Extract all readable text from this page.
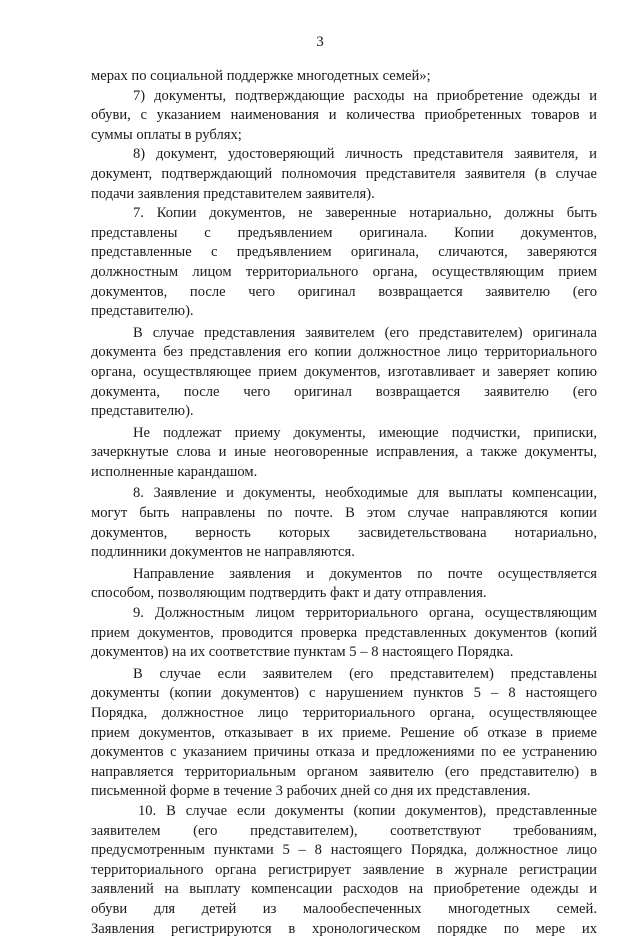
3
мерах по социальной поддержке многодетных семей»;
7) документы, подтверждающие расходы на приобретение одежды и
обуви, с указанием наименования и количества приобретенных товаров и
суммы оплаты в рублях;
8) документ, удостоверяющий личность представителя заявителя, и
документ, подтверждающий полномочия представителя заявителя (в случае
подачи заявления представителем заявителя).
7. Копии документов, не заверенные нотариально, должны быть
представлены с предъявлением оригинала. Копии документов,
представленные с предъявлением оригинала, сличаются, заверяются
должностным лицом территориального органа, осуществляющим прием
документов, после чего оригинал возвращается заявителю (его
представителю).
В случае представления заявителем (его представителем) оригинала
документа без представления его копии должностное лицо территориального
органа, осуществляющее прием документов, изготавливает и заверяет копию
документа, после чего оригинал возвращается заявителю (его
представителю).
Не подлежат приему документы, имеющие подчистки, приписки,
зачеркнутые слова и иные неоговоренные исправления, а также документы,
исполненные карандашом.
8. Заявление и документы, необходимые для выплаты компенсации,
могут быть направлены по почте. В этом случае направляются копии
документов, верность которых засвидетельствована нотариально,
подлинники документов не направляются.
Направление заявления и документов по почте осуществляется
способом, позволяющим подтвердить факт и дату отправления.
9. Должностным лицом территориального органа, осуществляющим
прием документов, проводится проверка представленных документов (копий
документов) на их соответствие пунктам 5 – 8 настоящего Порядка.
В случае если заявителем (его представителем) представлены
документы (копии документов) с нарушением пунктов 5 – 8 настоящего
Порядка, должностное лицо территориального органа, осуществляющее
прием документов, отказывает в их приеме. Решение об отказе в приеме
документов с указанием причины отказа и предложениями по ее устранению
направляется территориальным органом заявителю (его представителю) в
письменной форме в течение 3 рабочих дней со дня их представления.
10. В случае если документы (копии документов), представленные
заявителем (его представителем), соответствуют требованиям,
предусмотренным пунктами 5 – 8 настоящего Порядка, должностное лицо
территориального органа регистрирует заявление в журнале регистрации
заявлений на выплату компенсации расходов на приобретение одежды и
обуви для детей из малообеспеченных многодетных семей.
Заявления регистрируются в хронологическом порядке по мере их
